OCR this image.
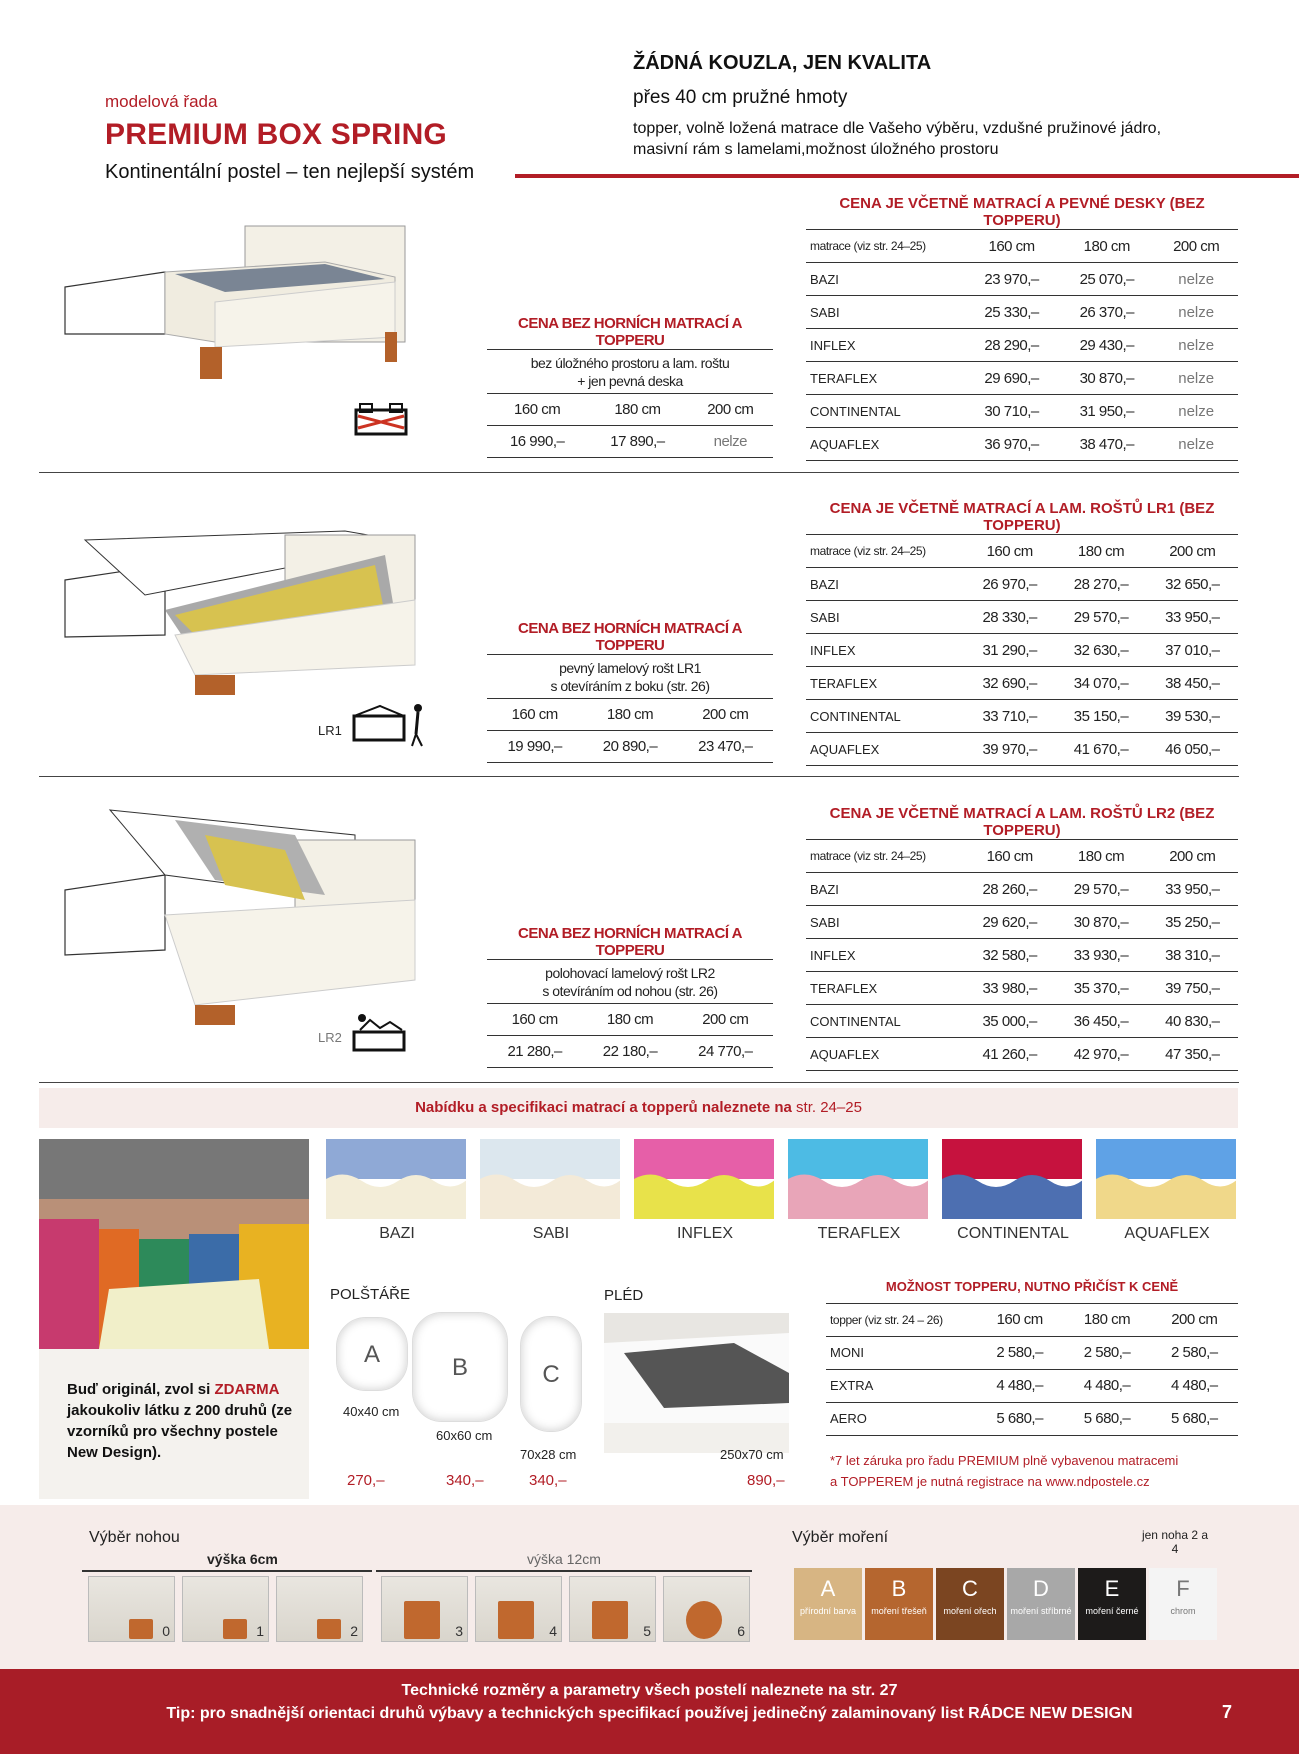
modelová řada
PREMIUM BOX SPRING
Kontinentální postel – ten nejlepší systém
ŽÁDNÁ KOUZLA, JEN KVALITA
přes 40 cm pružné hmoty
topper, volně ložená matrace dle Vašeho výběru, vzdušné pružinové jádro,
masivní rám s lamelami,možnost úložného prostoru
CENA BEZ HORNÍCH MATRACÍ A TOPPERU		
bez úložného prostoru a lam. roštu
+ jen pevná deska		
160 cm	180 cm	200 cm
16 990,–	17 890,–	nelze
CENA JE VČETNĚ MATRACÍ A PEVNÉ DESKY (BEZ TOPPERU)			
matrace (viz str. 24–25)	160 cm	180 cm	200 cm
BAZI	23 970,–	25 070,–	nelze
SABI	25 330,–	26 370,–	nelze
INFLEX	28 290,–	29 430,–	nelze
TERAFLEX	29 690,–	30 870,–	nelze
CONTINENTAL	30 710,–	31 950,–	nelze
AQUAFLEX	36 970,–	38 470,–	nelze
CENA BEZ HORNÍCH MATRACÍ A TOPPERU		
pevný lamelový rošt LR1
s otevíráním z boku (str. 26)		
160 cm	180 cm	200 cm
19 990,–	20 890,–	23 470,–
CENA JE VČETNĚ MATRACÍ A LAM. ROŠTŮ LR1 (BEZ TOPPERU)			
matrace (viz str. 24–25)	160 cm	180 cm	200 cm
BAZI	26 970,–	28 270,–	32 650,–
SABI	28 330,–	29 570,–	33 950,–
INFLEX	31 290,–	32 630,–	37 010,–
TERAFLEX	32 690,–	34 070,–	38 450,–
CONTINENTAL	33 710,–	35 150,–	39 530,–
AQUAFLEX	39 970,–	41 670,–	46 050,–
CENA BEZ HORNÍCH MATRACÍ A TOPPERU		
polohovací lamelový rošt LR2
s otevíráním od nohou (str. 26)		
160 cm	180 cm	200 cm
21 280,–	22 180,–	24 770,–
CENA JE VČETNĚ MATRACÍ A LAM. ROŠTŮ LR2 (BEZ TOPPERU)			
matrace (viz str. 24–25)	160 cm	180 cm	200 cm
BAZI	28 260,–	29 570,–	33 950,–
SABI	29 620,–	30 870,–	35 250,–
INFLEX	32 580,–	33 930,–	38 310,–
TERAFLEX	33 980,–	35 370,–	39 750,–
CONTINENTAL	35 000,–	36 450,–	40 830,–
AQUAFLEX	41 260,–	42 970,–	47 350,–
LR1
LR2
Nabídku a specifikaci matrací a topperů naleznete na str. 24–25
Buď originál, zvol si ZDARMA jakoukoliv látku z 200 druhů (ze vzorníků pro všechny postele New Design).
BAZI	SABI	INFLEX	TERAFLEX	CONTINENTAL	AQUAFLEX
POLŠTÁŘE
A	B	C
40x40 cm
60x60 cm
70x28 cm
270,–	340,–	340,–
PLÉD
250x70 cm
890,–
MOŽNOST TOPPERU, NUTNO PŘIČÍST K CENĚ			
topper (viz str. 24 – 26)	160 cm	180 cm	200 cm
MONI	2 580,–	2 580,–	2 580,–
EXTRA	4 480,–	4 480,–	4 480,–
AERO	5 680,–	5 680,–	5 680,–
*7 let záruka pro řadu PREMIUM plně vybavenou matracemi
a TOPPEREM je nutná registrace na www.ndpostele.cz
Výběr nohou
výška 6cm	výška 12cm
0	1	2	3	4	5	6
Výběr moření	jen noha 2 a 4
A
přírodní barva
B
moření třešeň
C
moření ořech
D
moření stříbrné
E
moření černé
F
chrom
Technické rozměry a parametry všech postelí naleznete na str. 27
Tip: pro snadnější orientaci druhů výbavy a technických specifikací používej jedinečný zalaminovaný list RÁDCE NEW DESIGN	7
